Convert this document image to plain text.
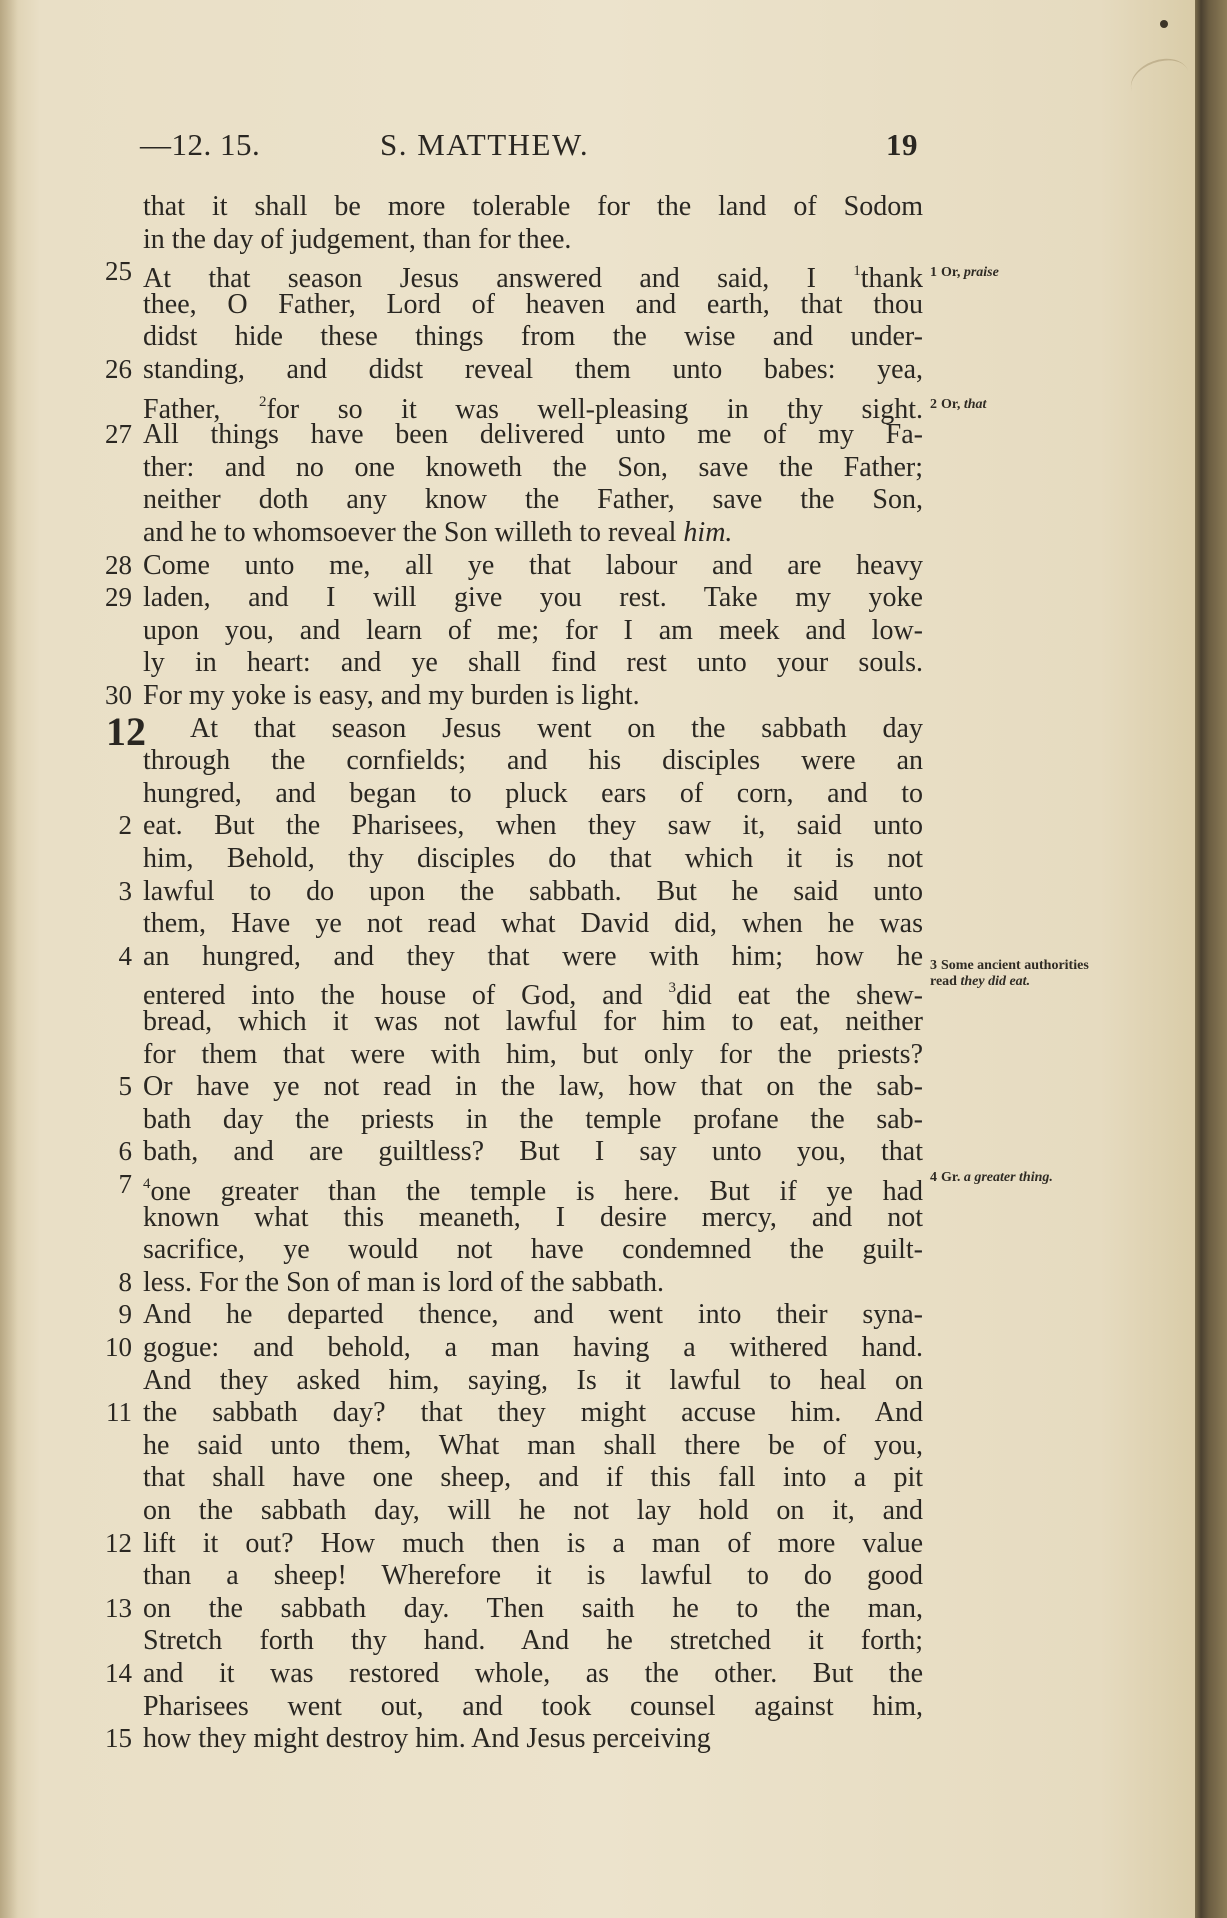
—12. 15.	S. MATTHEW.	19
12
that it shall be more tolerable for the land of Sodom
in the day of judgement, than for thee.
25 At that season Jesus answered and said, I $^1$thank
thee, O Father, Lord of heaven and earth, that thou
didst hide these things from the wise and under-
26 standing, and didst reveal them unto babes: yea,
Father, $^2$for so it was well-pleasing in thy sight.
27 All things have been delivered unto me of my Fa-
ther: and no one knoweth the Son, save the Father;
neither doth any know the Father, save the Son,
and he to whomsoever the Son willeth to reveal him.
28 Come unto me, all ye that labour and are heavy
29 laden, and I will give you rest. Take my yoke
upon you, and learn of me; for I am meek and low-
ly in heart: and ye shall find rest unto your souls.
30 For my yoke is easy, and my burden is light.
At that season Jesus went on the sabbath day
through the cornfields; and his disciples were an
hungred, and began to pluck ears of corn, and to
2 eat. But the Pharisees, when they saw it, said unto
him, Behold, thy disciples do that which it is not
3 lawful to do upon the sabbath. But he said unto
them, Have ye not read what David did, when he was
4 an hungred, and they that were with him; how he
entered into the house of God, and $^3$did eat the shew-
bread, which it was not lawful for him to eat, neither
for them that were with him, but only for the priests?
5 Or have ye not read in the law, how that on the sab-
bath day the priests in the temple profane the sab-
6 bath, and are guiltless? But I say unto you, that
7 $^4$one greater than the temple is here. But if ye had
known what this meaneth, I desire mercy, and not
sacrifice, ye would not have condemned the guilt-
8 less. For the Son of man is lord of the sabbath.
9 And he departed thence, and went into their syna-
10 gogue: and behold, a man having a withered hand.
And they asked him, saying, Is it lawful to heal on
11 the sabbath day? that they might accuse him. And
he said unto them, What man shall there be of you,
that shall have one sheep, and if this fall into a pit
on the sabbath day, will he not lay hold on it, and
12 lift it out? How much then is a man of more value
than a sheep! Wherefore it is lawful to do good
13 on the sabbath day. Then saith he to the man,
Stretch forth thy hand. And he stretched it forth;
14 and it was restored whole, as the other. But the
Pharisees went out, and took counsel against him,
15 how they might destroy him. And Jesus perceiving
1 Or, praise
2 Or, that
3 Some ancient authorities read they did eat.
4 Gr. a greater thing.
